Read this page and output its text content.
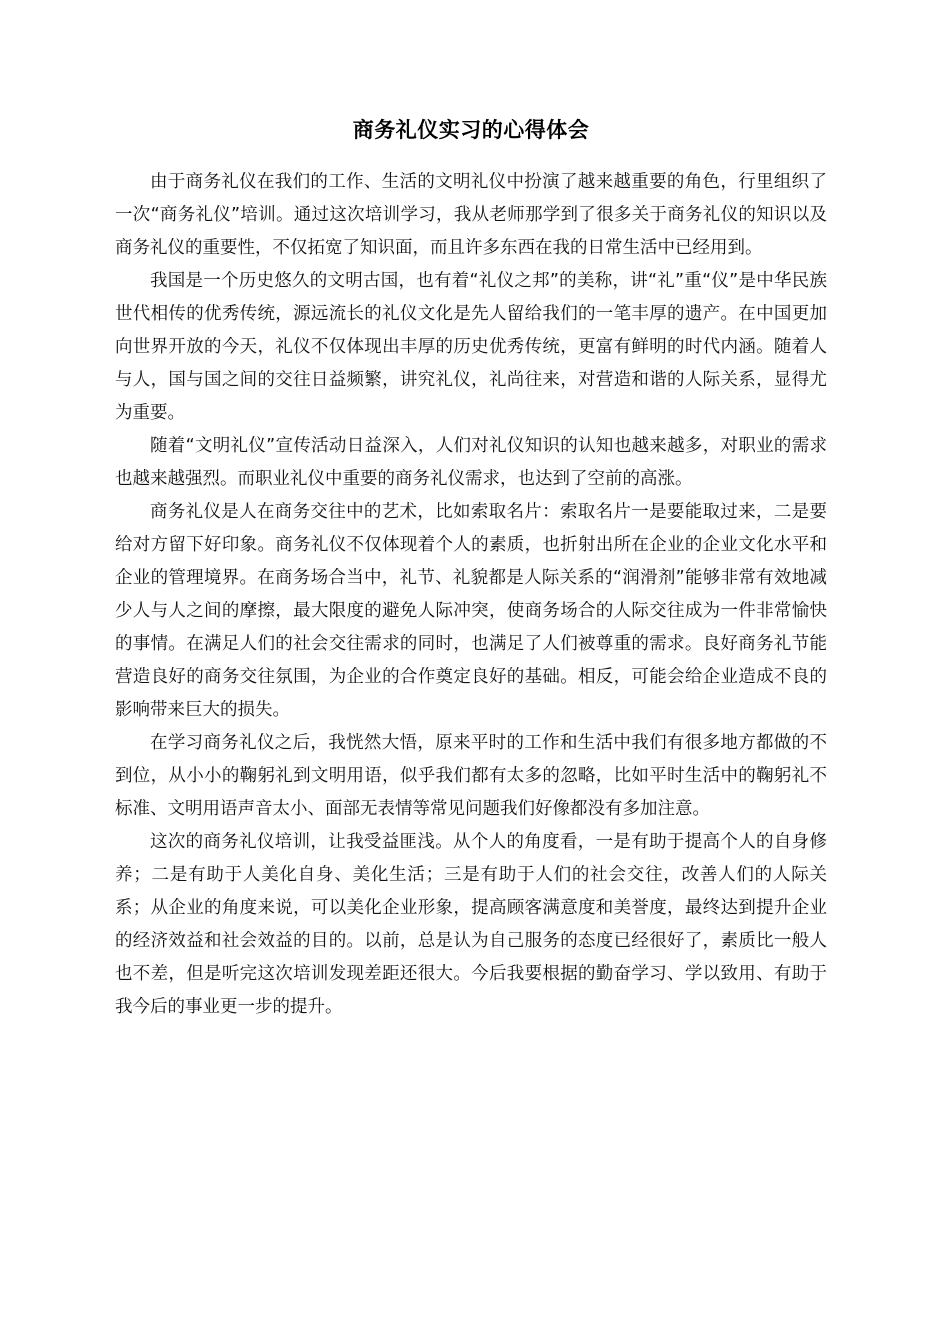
商务礼仪实习的心得体会

由于商务礼仪在我们的工作、生活的文明礼仪中扮演了越来越重要的角色，行里组织了一次“商务礼仪”培训。通过这次培训学习，我从老师那学到了很多关于商务礼仪的知识以及商务礼仪的重要性，不仅拓宽了知识面，而且许多东西在我的日常生活中已经用到。

我国是一个历史悠久的文明古国，也有着“礼仪之邦”的美称，讲“礼”重“仪”是中华民族世代相传的优秀传统，源远流长的礼仪文化是先人留给我们的一笔丰厚的遗产。在中国更加向世界开放的今天，礼仪不仅体现出丰厚的历史优秀传统，更富有鲜明的时代内涵。随着人与人，国与国之间的交往日益频繁，讲究礼仪，礼尚往来，对营造和谐的人际关系，显得尤为重要。

随着“文明礼仪”宣传活动日益深入，人们对礼仪知识的认知也越来越多，对职业的需求也越来越强烈。而职业礼仪中重要的商务礼仪需求，也达到了空前的高涨。

商务礼仪是人在商务交往中的艺术，比如索取名片：索取名片一是要能取过来，二是要给对方留下好印象。商务礼仪不仅体现着个人的素质，也折射出所在企业的企业文化水平和企业的管理境界。在商务场合当中，礼节、礼貌都是人际关系的“润滑剂”能够非常有效地减少人与人之间的摩擦，最大限度的避免人际冲突，使商务场合的人际交往成为一件非常愉快的事情。在满足人们的社会交往需求的同时，也满足了人们被尊重的需求。良好商务礼节能营造良好的商务交往氛围，为企业的合作奠定良好的基础。相反，可能会给企业造成不良的影响带来巨大的损失。

在学习商务礼仪之后，我恍然大悟，原来平时的工作和生活中我们有很多地方都做的不到位，从小小的鞠躬礼到文明用语，似乎我们都有太多的忽略，比如平时生活中的鞠躬礼不标准、文明用语声音太小、面部无表情等常见问题我们好像都没有多加注意。

这次的商务礼仪培训，让我受益匪浅。从个人的角度看，一是有助于提高个人的自身修养；二是有助于人美化自身、美化生活；三是有助于人们的社会交往，改善人们的人际关系；从企业的角度来说，可以美化企业形象，提高顾客满意度和美誉度，最终达到提升企业的经济效益和社会效益的目的。以前，总是认为自己服务的态度已经很好了，素质比一般人也不差，但是听完这次培训发现差距还很大。今后我要根据的勤奋学习、学以致用、有助于我今后的事业更一步的提升。
